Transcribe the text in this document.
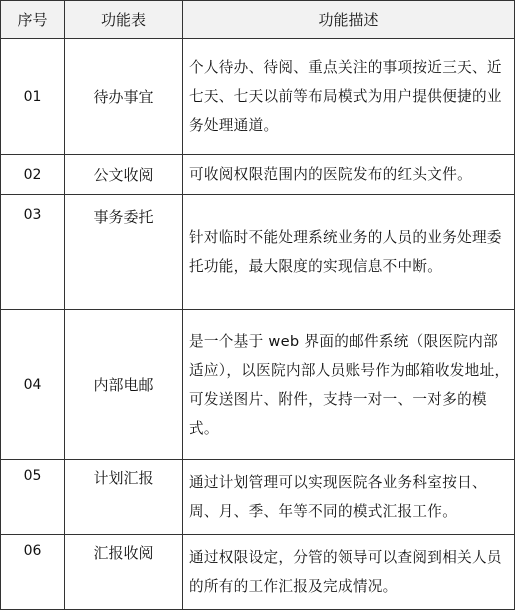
序号	功能表	功能描述
01	待办事宜	个人待办、待阅、重点关注的事项按近三天、近七天、七天以前等布局模式为用户提供便捷的业务处理通道。
02	公文收阅	可收阅权限范围内的医院发布的红头文件。
03	事务委托	针对临时不能处理系统业务的人员的业务处理委托功能，最大限度的实现信息不中断。
04	内部电邮	是一个基于 web 界面的邮件系统（限医院内部适应），以医院内部人员账号作为邮箱收发地址，可发送图片、附件，支持一对一、一对多的模式。
05	计划汇报	通过计划管理可以实现医院各业务科室按日、周、月、季、年等不同的模式汇报工作。
06	汇报收阅	通过权限设定，分管的领导可以查阅到相关人员的所有的工作汇报及完成情况。
